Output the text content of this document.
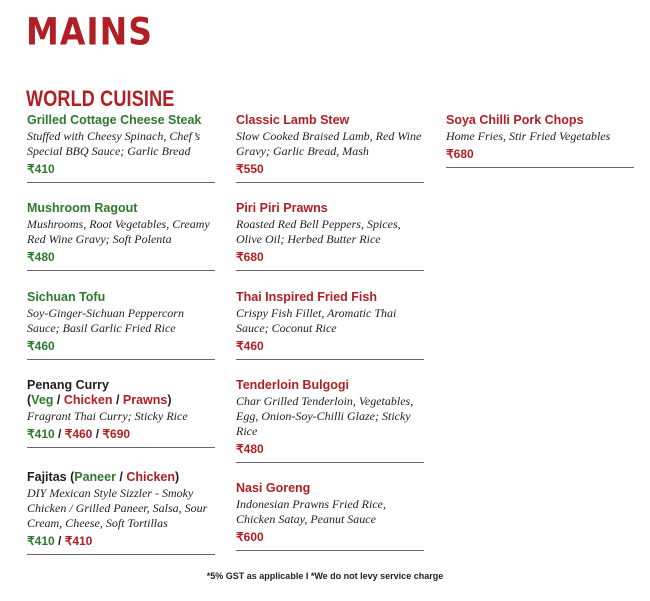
MAINS
WORLD CUISINE
Grilled Cottage Cheese Steak
Stuffed with Cheesy Spinach, Chef’s Special BBQ Sauce; Garlic Bread
₹410
Mushroom Ragout
Mushrooms, Root Vegetables, Creamy Red Wine Gravy; Soft Polenta
₹480
Sichuan Tofu
Soy-Ginger-Sichuan Peppercorn Sauce; Basil Garlic Fried Rice
₹460
Penang Curry
(Veg / Chicken / Prawns)
Fragrant Thai Curry; Sticky Rice
₹410 / ₹460 / ₹690
Fajitas (Paneer / Chicken)
DIY Mexican Style Sizzler - Smoky Chicken / Grilled Paneer, Salsa, Sour Cream, Cheese, Soft Tortillas
₹410 / ₹410
Classic Lamb Stew
Slow Cooked Braised Lamb, Red Wine Gravy; Garlic Bread, Mash
₹550
Piri Piri Prawns
Roasted Red Bell Peppers, Spices, Olive Oil; Herbed Butter Rice
₹680
Thai Inspired Fried Fish
Crispy Fish Fillet, Aromatic Thai Sauce; Coconut Rice
₹460
Tenderloin Bulgogi
Char Grilled Tenderloin, Vegetables, Egg, Onion-Soy-Chilli Glaze; Sticky Rice
₹480
Nasi Goreng
Indonesian Prawns Fried Rice, Chicken Satay, Peanut Sauce
₹600
Soya Chilli Pork Chops
Home Fries, Stir Fried Vegetables
₹680
*5% GST as applicable I *We do not levy service charge
